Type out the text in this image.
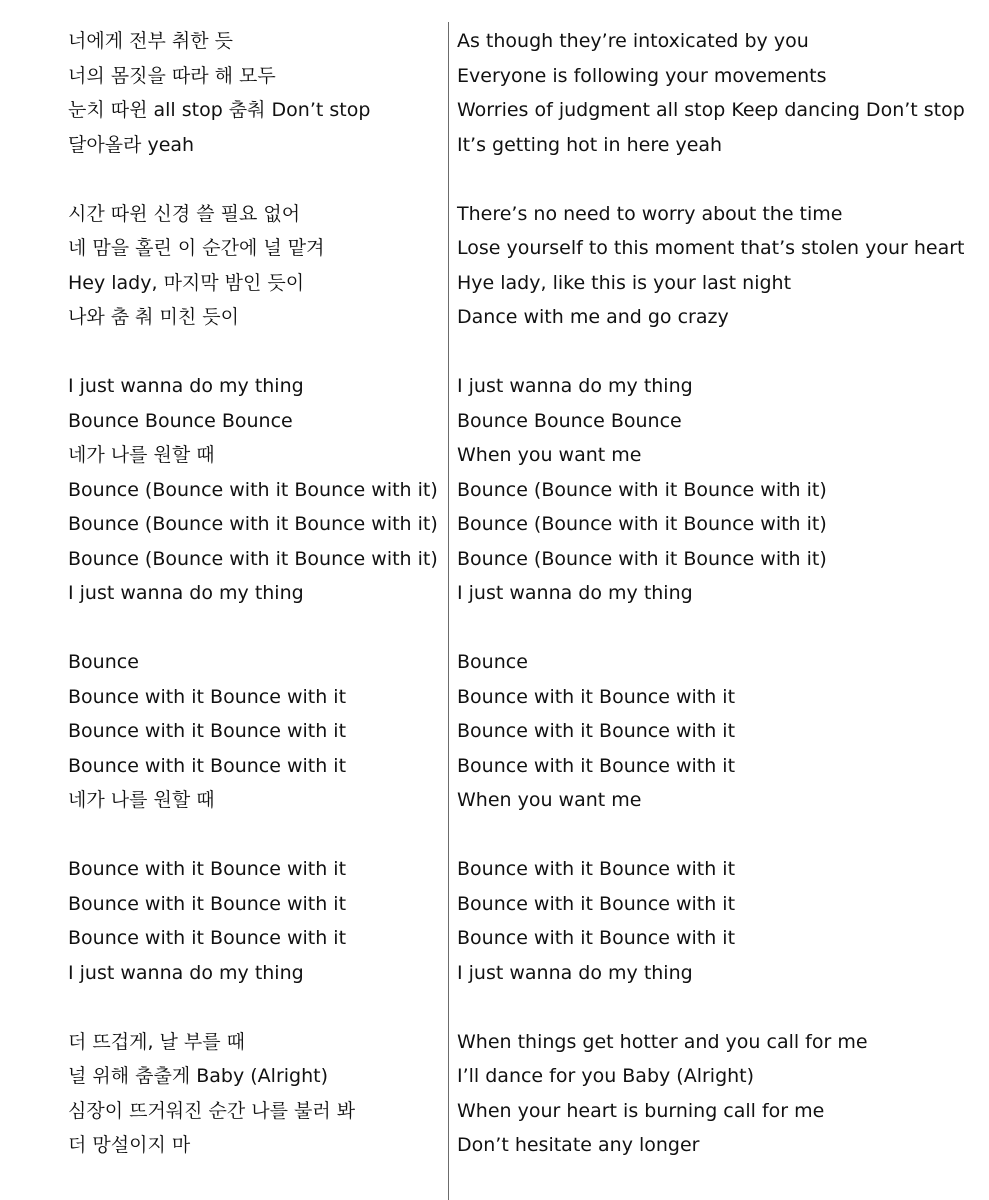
너에게 전부 취한 듯
너의 몸짓을 따라 해 모두
눈치 따윈 all stop 춤춰 Don’t stop
달아올라 yeah
시간 따윈 신경 쓸 필요 없어
네 맘을 홀린 이 순간에 널 맡겨
Hey lady, 마지막 밤인 듯이
나와 춤 춰 미친 듯이
I just wanna do my thing
Bounce Bounce Bounce
네가 나를 원할 때
Bounce (Bounce with it Bounce with it)
Bounce (Bounce with it Bounce with it)
Bounce (Bounce with it Bounce with it)
I just wanna do my thing
Bounce
Bounce with it Bounce with it
Bounce with it Bounce with it
Bounce with it Bounce with it
네가 나를 원할 때
Bounce with it Bounce with it
Bounce with it Bounce with it
Bounce with it Bounce with it
I just wanna do my thing
더 뜨겁게, 날 부를 때
널 위해 춤출게 Baby (Alright)
심장이 뜨거워진 순간 나를 불러 봐
더 망설이지 마
As though they’re intoxicated by you
Everyone is following your movements
Worries of judgment all stop Keep dancing Don’t stop
It’s getting hot in here yeah
There’s no need to worry about the time
Lose yourself to this moment that’s stolen your heart
Hye lady, like this is your last night
Dance with me and go crazy
I just wanna do my thing
Bounce Bounce Bounce
When you want me
Bounce (Bounce with it Bounce with it)
Bounce (Bounce with it Bounce with it)
Bounce (Bounce with it Bounce with it)
I just wanna do my thing
Bounce
Bounce with it Bounce with it
Bounce with it Bounce with it
Bounce with it Bounce with it
When you want me
Bounce with it Bounce with it
Bounce with it Bounce with it
Bounce with it Bounce with it
I just wanna do my thing
When things get hotter and you call for me
I’ll dance for you Baby (Alright)
When your heart is burning call for me
Don’t hesitate any longer
